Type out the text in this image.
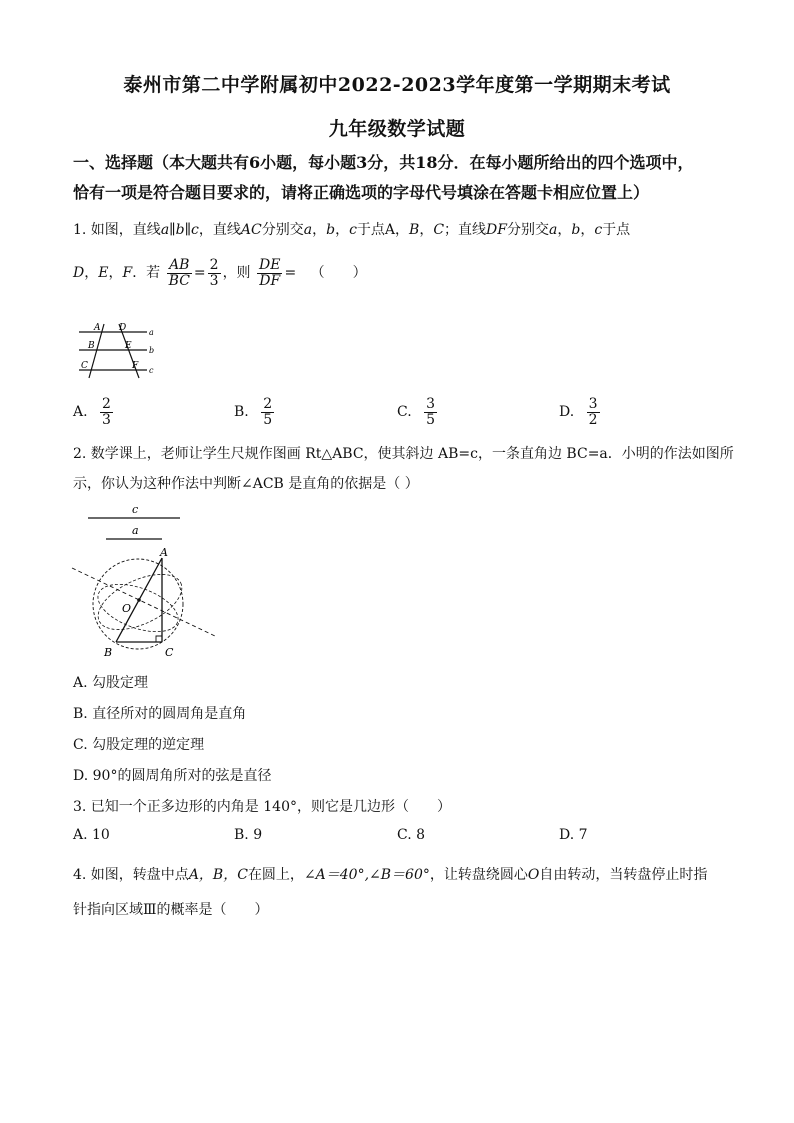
泰州市第二中学附属初中2022-2023学年度第一学期期末考试
九年级数学试题
一、选择题（本大题共有6小题，每小题3分，共18分．在每小题所给出的四个选项中，
恰有一项是符合题目要求的，请将正确选项的字母代号填涂在答题卡相应位置上）
1. 如图，直线a∥b∥c，直线AC分别交a，b，c于点A，B，C；直线DF分别交a，b，c于点
D，E，F．若 $\frac{AB}{BC} = \frac{2}{3}$ ，则 $\frac{DE}{DF}$ = （　　）
A D
B	E
C	F
a
b
c
A. $\frac{2}{3}$	B. $\frac{2}{5}$	C. $\frac{3}{5}$	D. $\frac{3}{2}$
2. 数学课上，老师让学生尺规作图画 Rt△ABC，使其斜边 AB=c，一条直角边 BC=a．小明的作法如图所
示，你认为这种作法中判断∠ACB 是直角的依据是（ ）
c
a
A
O
B	C
A. 勾股定理
B. 直径所对的圆周角是直角
C. 勾股定理的逆定理
D. 90°的圆周角所对的弦是直径
3. 已知一个正多边形的内角是 140°，则它是几边形（　　）
A. 10	B. 9	C. 8	D. 7
4. 如图，转盘中点A，B，C在圆上，∠A＝40°,∠B＝60°，让转盘绕圆心O自由转动，当转盘停止时指
针指向区域Ⅲ的概率是（　　）
